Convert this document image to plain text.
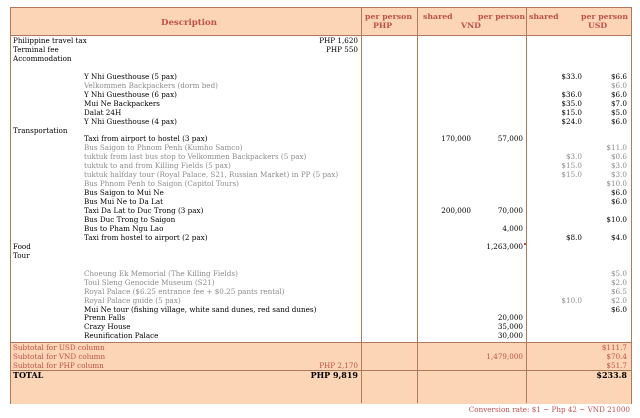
Description
per person
PHP
shared	per person
VND
shared	per person
USD
Philippine travel tax	PHP 1,620
Terminal fee	PHP 550
Accommodation
Y Nhi Guesthouse (5 pax)	$33.0	$6.6
Velkommen Backpackers (dorm bed)	$6.0
Y Nhi Guesthouse (6 pax)	$36.0	$6.0
Mui Ne Backpackers	$35.0	$7.0
Dalat 24H	$15.0	$5.0
Y Nhi Guesthouse (4 pax)	$24.0	$6.0
Transportation
Taxi from airport to hostel (3 pax)	170,000	57,000
Bus Saigon to Phnom Penh (Kumho Samco)	$11.0
tuktuk from last bus stop to Velkommen Backpackers (5 pax)	$3.0	$0.6
tuktuk to and from Killing Fields (5 pax)	$15.0	$3.0
tuktuk halfday tour (Royal Palace, S21, Russian Market) in PP (5 pax)	$15.0	$3.0
Bus Phnom Penh to Saigon (Capitol Tours)	$10.0
Bus Saigon to Mui Ne	$6.0
Bus Mui Ne to Da Lat	$6.0
Taxi Da Lat to Duc Trong (3 pax)	200,000	70,000
Bus Duc Trong to Saigon	$10.0
Bus to Pham Ngu Lao	4,000
Taxi from hostel to airport (2 pax)	$8.0	$4.0
Food	1,263,000
Tour
Choeung Ek Memorial (The Killing Fields)	$5.0
Toul Sleng Genocide Museum (S21)	$2.0
Royal Palace ($6.25 entrance fee + $0.25 pants rental)	$6.5
Royal Palace guide (5 pax)	$10.0	$2.0
Mui Ne tour (fishing village, white sand dunes, red sand dunes)	$6.0
Prenn Falls	20,000
Crazy House	35,000
Reunification Palace	30,000
Subtotal for USD column	$111.7
Subtotal for VND column	1,479,000	$70.4
Subtotal for PHP column	PHP 2,170	$51.7
TOTAL	PHP 9,819	$233.8
Conversion rate: $1 ~ Php 42 ~ VND 21000
